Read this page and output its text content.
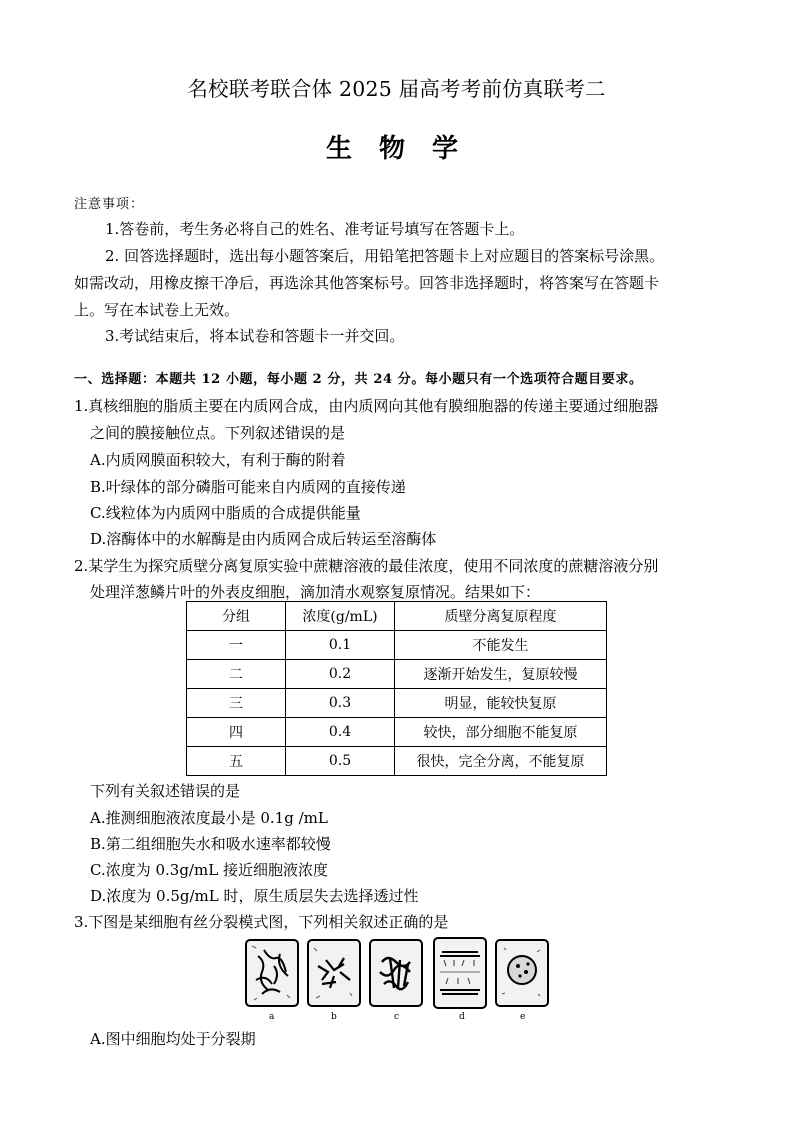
名校联考联合体 2025 届高考考前仿真联考二
生 物 学
注意事项：
1.答卷前，考生务必将自己的姓名、准考证号填写在答题卡上。
2. 回答选择题时，选出每小题答案后，用铅笔把答题卡上对应题目的答案标号涂黑。
如需改动，用橡皮擦干净后，再选涂其他答案标号。回答非选择题时，将答案写在答题卡
上。写在本试卷上无效。
3.考试结束后，将本试卷和答题卡一并交回。
一、选择题：本题共 12 小题，每小题 2 分，共 24 分。每小题只有一个选项符合题目要求。
1.真核细胞的脂质主要在内质网合成，由内质网向其他有膜细胞器的传递主要通过细胞器
之间的膜接触位点。下列叙述错误的是
A.内质网膜面积较大，有利于酶的附着
B.叶绿体的部分磷脂可能来自内质网的直接传递
C.线粒体为内质网中脂质的合成提供能量
D.溶酶体中的水解酶是由内质网合成后转运至溶酶体
2.某学生为探究质壁分离复原实验中蔗糖溶液的最佳浓度，使用不同浓度的蔗糖溶液分别
处理洋葱鳞片叶的外表皮细胞，滴加清水观察复原情况。结果如下：
分组	浓度(g/mL)	质壁分离复原程度
一	0.1	不能发生
二	0.2	逐渐开始发生，复原较慢
三	0.3	明显，能较快复原
四	0.4	较快，部分细胞不能复原
五	0.5	很快，完全分离，不能复原
下列有关叙述错误的是
A.推测细胞液浓度最小是 0.1g /mL
B.第二组细胞失水和吸水速率都较慢
C.浓度为 0.3g/mL 接近细胞液浓度
D.浓度为 0.5g/mL 时，原生质层失去选择透过性
3.下图是某细胞有丝分裂模式图，下列相关叙述正确的是
a	b	c	d	e
A.图中细胞均处于分裂期
